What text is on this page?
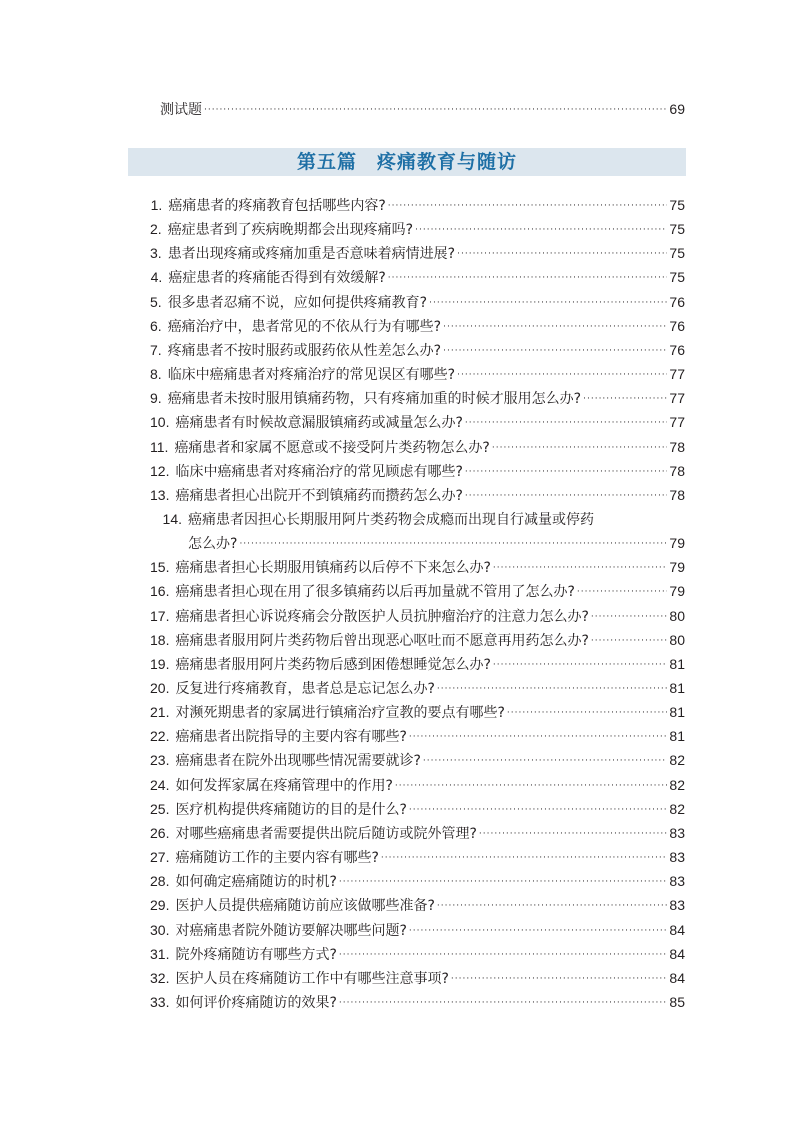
测试题 ·····	69
第五篇　疼痛教育与随访
1. 癌痛患者的疼痛教育包括哪些内容? ·····	75
2. 癌症患者到了疾病晚期都会出现疼痛吗? ·····	75
3. 患者出现疼痛或疼痛加重是否意味着病情进展? ·····	75
4. 癌症患者的疼痛能否得到有效缓解? ·····	75
5. 很多患者忍痛不说，应如何提供疼痛教育? ·····	76
6. 癌痛治疗中，患者常见的不依从行为有哪些? ·····	76
7. 疼痛患者不按时服药或服药依从性差怎么办? ·····	76
8. 临床中癌痛患者对疼痛治疗的常见误区有哪些? ·····	77
9. 癌痛患者未按时服用镇痛药物，只有疼痛加重的时候才服用怎么办? ·····	77
10. 癌痛患者有时候故意漏服镇痛药或减量怎么办? ·····	77
11. 癌痛患者和家属不愿意或不接受阿片类药物怎么办? ·····	78
12. 临床中癌痛患者对疼痛治疗的常见顾虑有哪些? ·····	78
13. 癌痛患者担心出院开不到镇痛药而攒药怎么办? ·····	78
14. 癌痛患者因担心长期服用阿片类药物会成瘾而出现自行减量或停药
怎么办? ·····	79
15. 癌痛患者担心长期服用镇痛药以后停不下来怎么办? ·····	79
16. 癌痛患者担心现在用了很多镇痛药以后再加量就不管用了怎么办? ·····	79
17. 癌痛患者担心诉说疼痛会分散医护人员抗肿瘤治疗的注意力怎么办? ·····	80
18. 癌痛患者服用阿片类药物后曾出现恶心呕吐而不愿意再用药怎么办? ·····	80
19. 癌痛患者服用阿片类药物后感到困倦想睡觉怎么办? ·····	81
20. 反复进行疼痛教育，患者总是忘记怎么办? ·····	81
21. 对濒死期患者的家属进行镇痛治疗宣教的要点有哪些? ·····	81
22. 癌痛患者出院指导的主要内容有哪些? ·····	81
23. 癌痛患者在院外出现哪些情况需要就诊? ·····	82
24. 如何发挥家属在疼痛管理中的作用? ·····	82
25. 医疗机构提供疼痛随访的目的是什么? ·····	82
26. 对哪些癌痛患者需要提供出院后随访或院外管理? ·····	83
27. 癌痛随访工作的主要内容有哪些? ·····	83
28. 如何确定癌痛随访的时机? ·····	83
29. 医护人员提供癌痛随访前应该做哪些准备? ·····	83
30. 对癌痛患者院外随访要解决哪些问题? ·····	84
31. 院外疼痛随访有哪些方式? ·····	84
32. 医护人员在疼痛随访工作中有哪些注意事项? ·····	84
33. 如何评价疼痛随访的效果? ·····	85
